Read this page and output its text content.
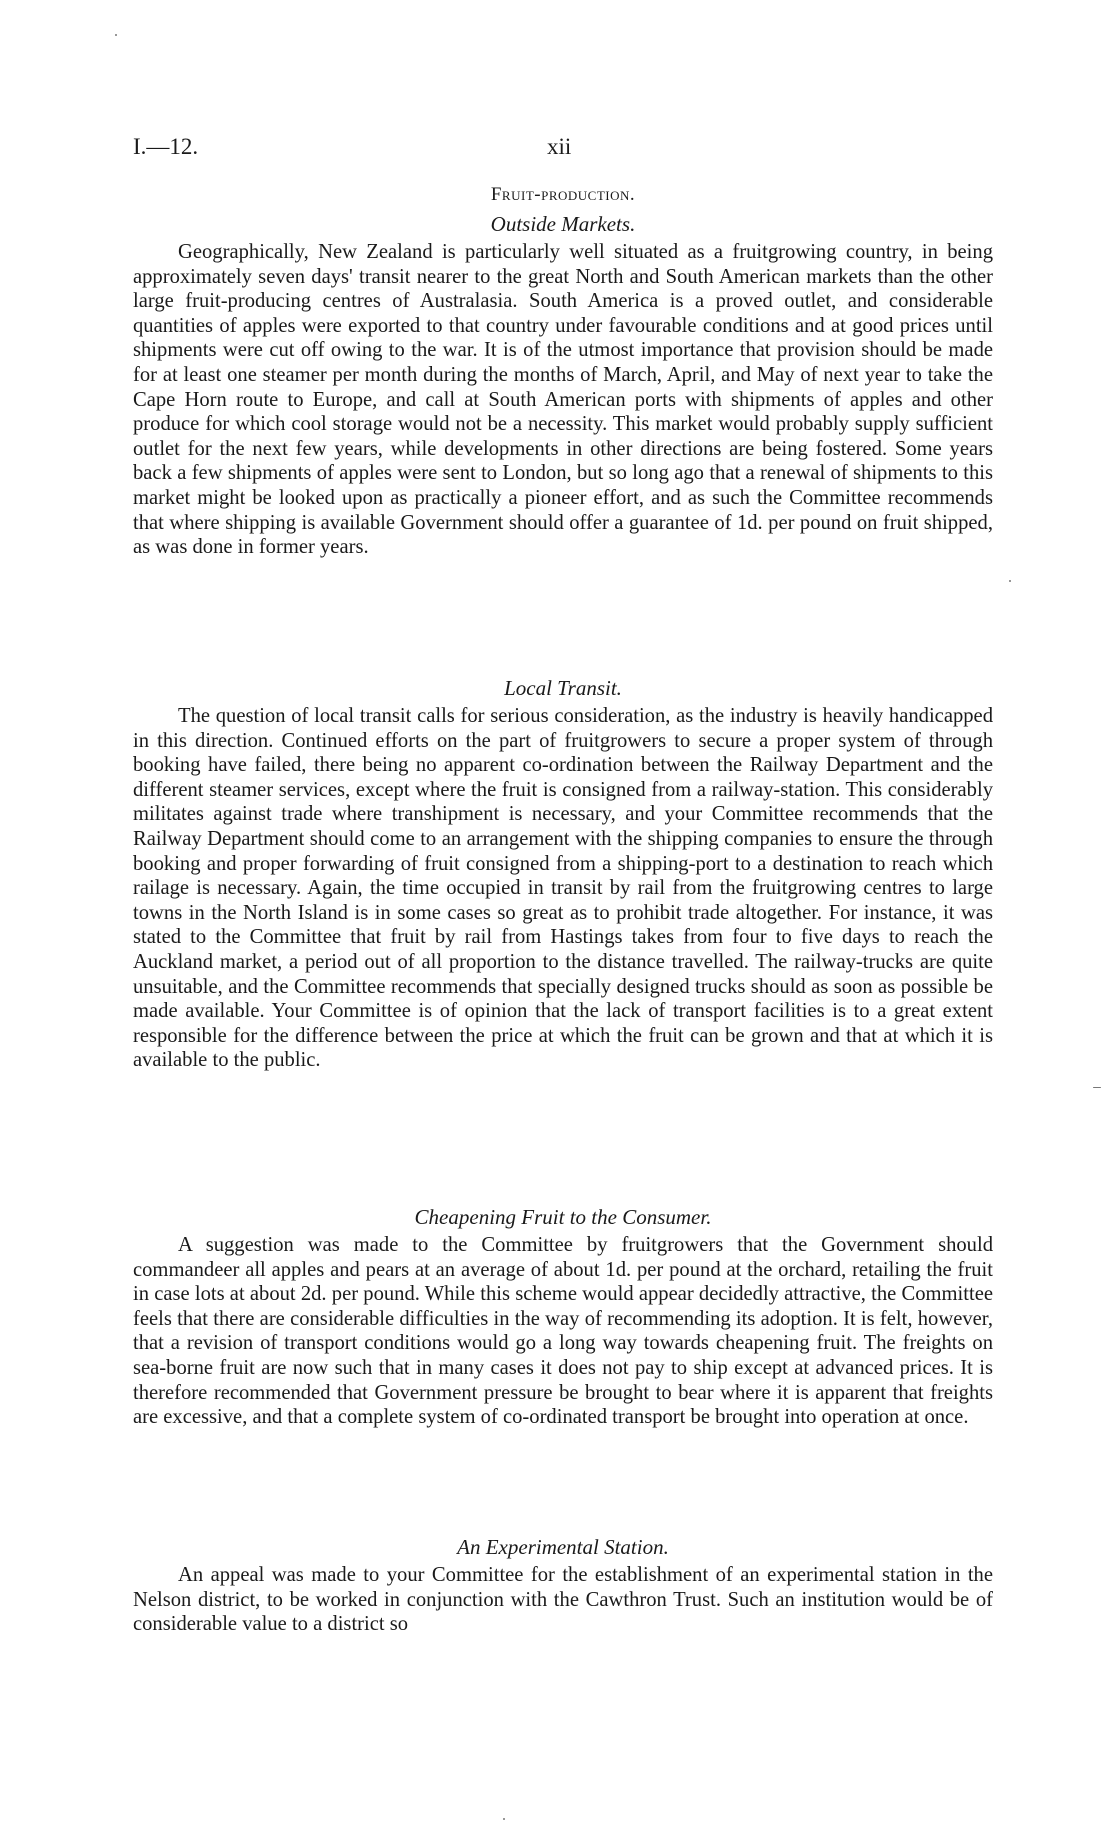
I.—12.	xii
Fruit-production.
Outside Markets.

Geographically, New Zealand is particularly well situated as a fruitgrowing country, in being approximately seven days' transit nearer to the great North and South American markets than the other large fruit-producing centres of Australasia. South America is a proved outlet, and considerable quantities of apples were exported to that country under favourable conditions and at good prices until shipments were cut off owing to the war. It is of the utmost importance that provision should be made for at least one steamer per month during the months of March, April, and May of next year to take the Cape Horn route to Europe, and call at South American ports with shipments of apples and other produce for which cool storage would not be a necessity. This market would probably supply sufficient outlet for the next few years, while developments in other directions are being fostered. Some years back a few shipments of apples were sent to London, but so long ago that a renewal of shipments to this market might be looked upon as practically a pioneer effort, and as such the Committee recommends that where shipping is available Government should offer a guarantee of 1d. per pound on fruit shipped, as was done in former years.

Local Transit.

The question of local transit calls for serious consideration, as the industry is heavily handicapped in this direction. Continued efforts on the part of fruitgrowers to secure a proper system of through booking have failed, there being no apparent co-ordination between the Railway Department and the different steamer services, except where the fruit is consigned from a railway-station. This considerably militates against trade where transhipment is necessary, and your Committee recommends that the Railway Department should come to an arrangement with the shipping companies to ensure the through booking and proper forwarding of fruit consigned from a shipping-port to a destination to reach which railage is necessary. Again, the time occupied in transit by rail from the fruitgrowing centres to large towns in the North Island is in some cases so great as to prohibit trade altogether. For instance, it was stated to the Committee that fruit by rail from Hastings takes from four to five days to reach the Auckland market, a period out of all proportion to the distance travelled. The railway-trucks are quite unsuitable, and the Committee recommends that specially designed trucks should as soon as possible be made available. Your Committee is of opinion that the lack of transport facilities is to a great extent responsible for the difference between the price at which the fruit can be grown and that at which it is available to the public.

Cheapening Fruit to the Consumer.

A suggestion was made to the Committee by fruitgrowers that the Government should commandeer all apples and pears at an average of about 1d. per pound at the orchard, retailing the fruit in case lots at about 2d. per pound. While this scheme would appear decidedly attractive, the Committee feels that there are considerable difficulties in the way of recommending its adoption. It is felt, however, that a revision of transport conditions would go a long way towards cheapening fruit. The freights on sea-borne fruit are now such that in many cases it does not pay to ship except at advanced prices. It is therefore recommended that Government pressure be brought to bear where it is apparent that freights are excessive, and that a complete system of co-ordinated transport be brought into operation at once.

An Experimental Station.

An appeal was made to your Committee for the establishment of an experimental station in the Nelson district, to be worked in conjunction with the Cawthron Trust. Such an institution would be of considerable value to a district so
